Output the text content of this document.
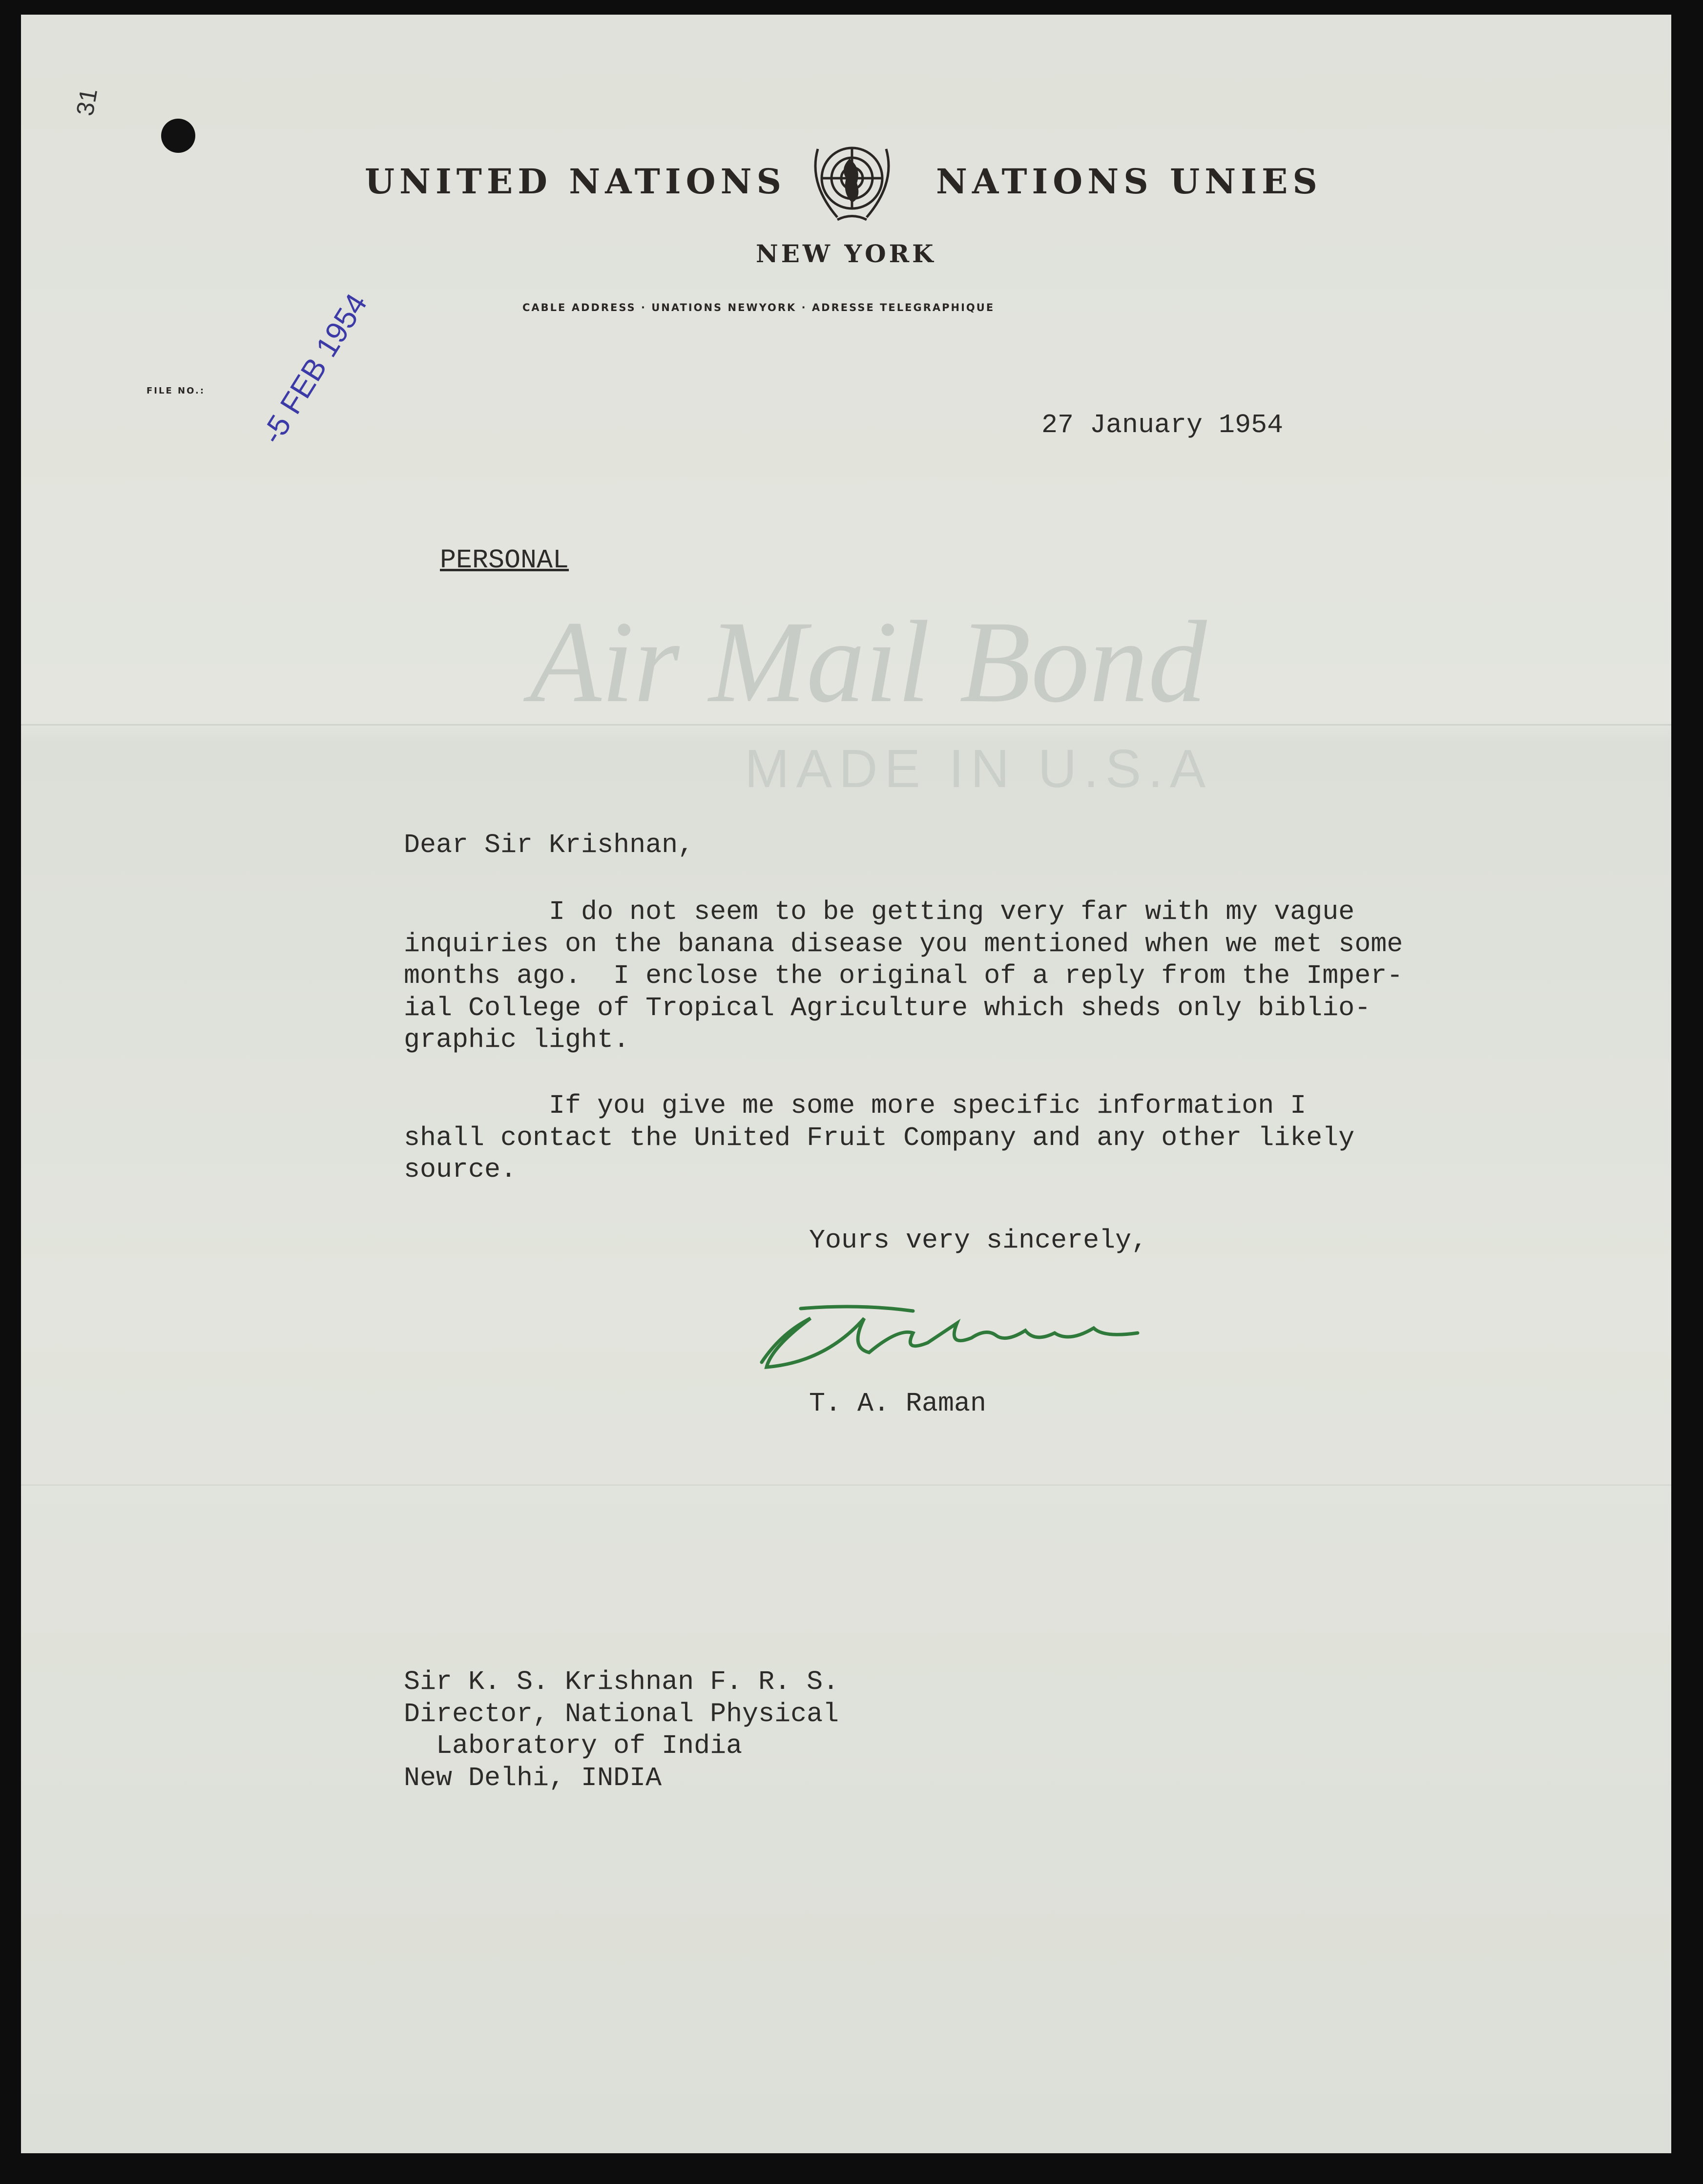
Air Mail Bond
MADE IN U.S.A
31
UNITED NATIONS	NATIONS UNIES
NEW YORK
CABLE ADDRESS · UNATIONS NEWYORK · ADRESSE TELEGRAPHIQUE
FILE NO.: -5 FEB 1954	27 January 1954
PERSONAL
Dear Sir Krishnan,
I do not seem to be getting very far with my vague
inquiries on the banana disease you mentioned when we met some
months ago.  I enclose the original of a reply from the Imper-
ial College of Tropical Agriculture which sheds only biblio-
graphic light.
If you give me some more specific information I
shall contact the United Fruit Company and any other likely
source.
Yours very sincerely,
T. A. Raman
Sir K. S. Krishnan F. R. S.
Director, National Physical
Laboratory of India
New Delhi, INDIA
